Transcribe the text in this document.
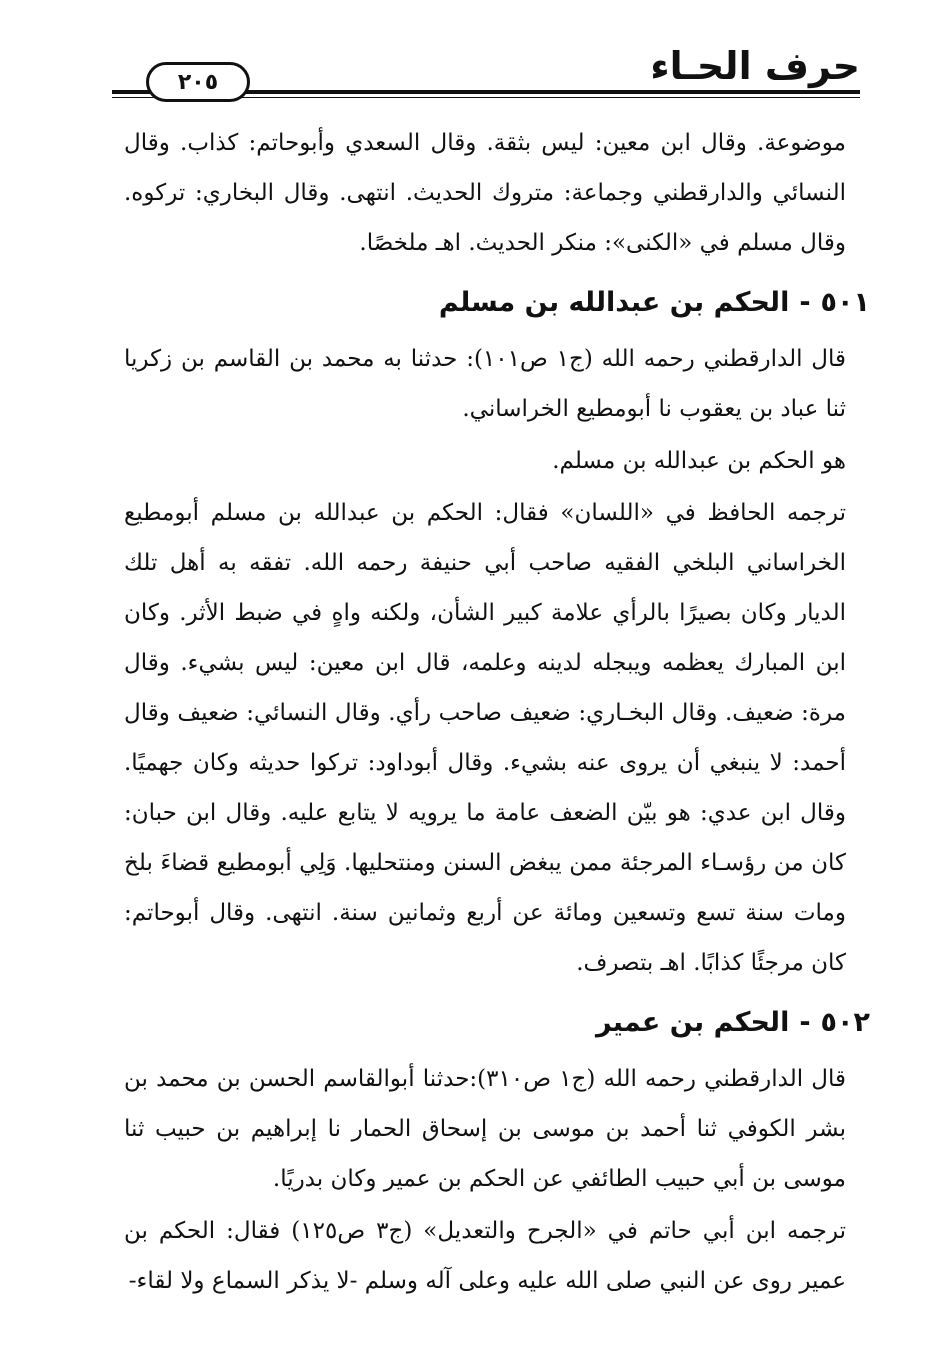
حرف الحـاء
٢٠٥

موضوعة. وقال ابن معين: ليس بثقة. وقال السعدي وأبوحاتم: كذاب. وقال النسائي والدارقطني وجماعة: متروك الحديث. انتهى. وقال البخاري: تركوه. وقال مسلم في «الكنى»: منكر الحديث. اهـ ملخصًا.

٥٠١-الحكم بن عبدالله بن مسلم

قال الدارقطني رحمه الله (ج١ ص١٠١): حدثنا به محمد بن القاسم بن زكريا ثنا عباد بن يعقوب نا أبومطيع الخراساني.

هو الحكم بن عبدالله بن مسلم.

ترجمه الحافظ في «اللسان» فقال: الحكم بن عبدالله بن مسلم أبومطيع الخراساني البلخي الفقيه صاحب أبي حنيفة رحمه الله. تفقه به أهل تلك الديار وكان بصيرًا بالرأي علامة كبير الشأن، ولكنه واهٍ في ضبط الأثر. وكان ابن المبارك يعظمه ويبجله لدينه وعلمه، قال ابن معين: ليس بشيء. وقال مرة: ضعيف. وقال البخـاري: ضعيف صاحب رأي. وقال النسائي: ضعيف وقال أحمد: لا ينبغي أن يروى عنه بشيء. وقال أبوداود: تركوا حديثه وكان جهميًا. وقال ابن عدي: هو بيّن الضعف عامة ما يرويه لا يتابع عليه. وقال ابن حبان: كان من رؤسـاء المرجئة ممن يبغض السنن ومنتحليها. وَلِي أبومطيع قضاءَ بلخ ومات سنة تسع وتسعين ومائة عن أربع وثمانين سنة. انتهى. وقال أبوحاتم: كان مرجئًا كذابًا. اهـ بتصرف.

٥٠٢-الحكم بن عمير

قال الدارقطني رحمه الله (ج١ ص٣١٠):حدثنا أبوالقاسم الحسن بن محمد بن بشر الكوفي ثنا أحمد بن موسى بن إسحاق الحمار نا إبراهيم بن حبيب ثنا موسى بن أبي حبيب الطائفي عن الحكم بن عمير وكان بدريًا.

ترجمه ابن أبي حاتم في «الجرح والتعديل» (ج٣ ص١٢٥) فقال: الحكم بن عمير روى عن النبي صلى الله عليه وعلى آله وسلم -لا يذكر السماع ولا لقاء-
